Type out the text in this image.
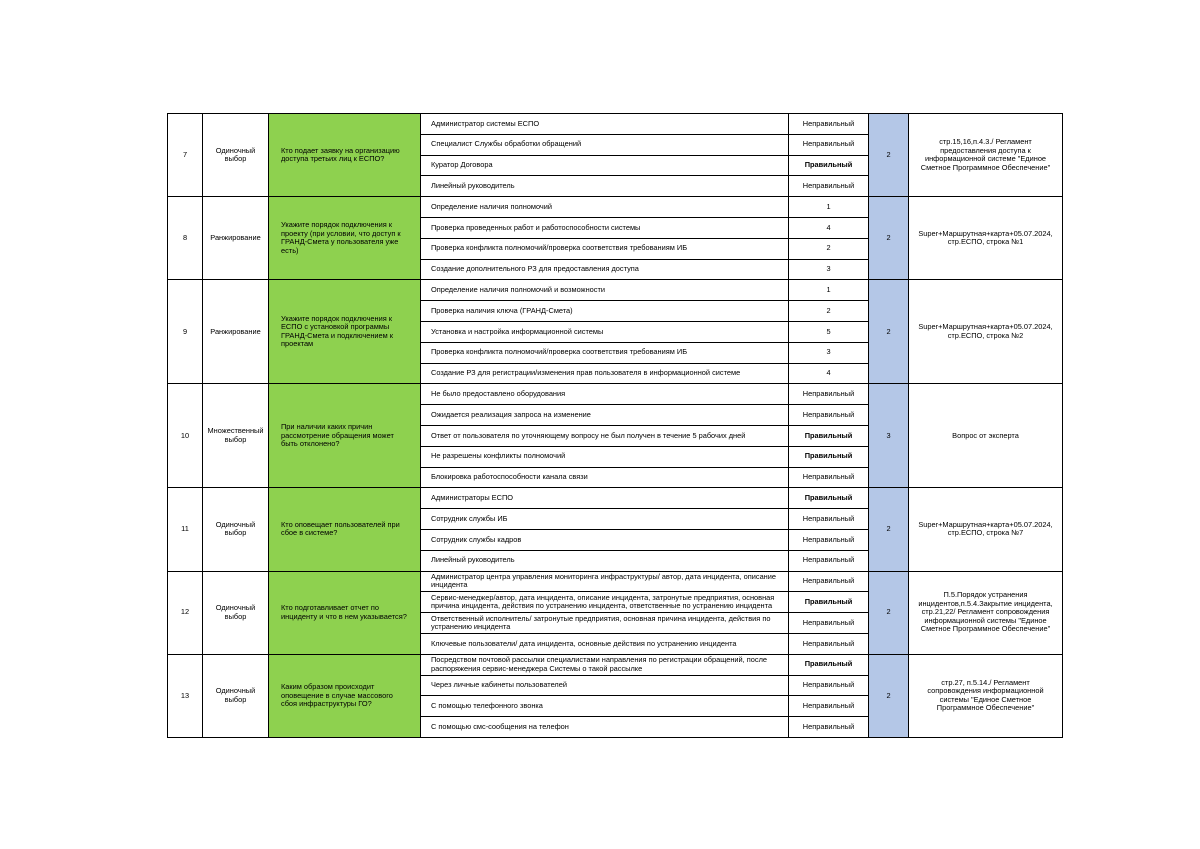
7	Одиночный выбор	Кто подает заявку на организацию доступа третьих лиц к ЕСПО?	Администратор системы ЕСПО	Неправильный	2	стр.15,16,п.4.3./ Регламент предоставления доступа к информационной системе "Единое Сметное Программное Обеспечение"
			Специалист Службы обработки обращений	Неправильный		
			Куратор Договора	Правильный		
			Линейный руководитель	Неправильный		
8	Ранжирование	Укажите порядок подключения к проекту (при условии, что доступ к ГРАНД-Смета у пользователя уже есть)	Определение наличия полномочий	1	2	Super+Маршрутная+карта+05.07.2024, стр.ЕСПО, строка №1
			Проверка проведенных работ и работоспособности системы	4		
			Проверка конфликта полномочий/проверка соответствия требованиям ИБ	2		
			Создание дополнительного РЗ для предоставления доступа	3		
9	Ранжирование	Укажите порядок подключения к ЕСПО с установкой программы ГРАНД-Смета и подключением к проектам	Определение наличия полномочий и возможности	1	2	Super+Маршрутная+карта+05.07.2024, стр.ЕСПО, строка №2
			Проверка наличия ключа (ГРАНД-Смета)	2		
			Установка и настройка информационной системы	5		
			Проверка конфликта полномочий/проверка соответствия требованиям ИБ	3		
			Создание РЗ для регистрации/изменения прав пользователя в информационной системе	4		
10	Множественный выбор	При наличии каких причин рассмотрение обращения может быть отклонено?	Не было предоставлено оборудования	Неправильный	3	Вопрос от эксперта
			Ожидается реализация запроса на изменение	Неправильный		
			Ответ от пользователя по уточняющему вопросу не был получен в течение 5 рабочих дней	Правильный		
			Не разрешены конфликты полномочий	Правильный		
			Блокировка работоспособности канала связи	Неправильный		
11	Одиночный выбор	Кто оповещает пользователей при сбое в системе?	Администраторы ЕСПО	Правильный	2	Super+Маршрутная+карта+05.07.2024, стр.ЕСПО, строка №7
			Сотрудник службы ИБ	Неправильный		
			Сотрудник службы кадров	Неправильный		
			Линейный руководитель	Неправильный		
12	Одиночный выбор	Кто подготавливает отчет по инциденту и что в нем указывается?	Администратор центра управления мониторинга инфраструктуры/ автор, дата инцидента, описание инцидента	Неправильный	2	П.5.Порядок устранения инцидентов,п.5.4.Закрытие инцидента, стр.21,22/ Регламент сопровождения информационной системы "Единое Сметное Программное Обеспечение"
			Сервис-менеджер/автор, дата инцидента, описание инцидента, затронутые предприятия, основная причина инцидента, действия по устранению инцидента, ответственные по устранению инцидента	Правильный		
			Ответственный исполнитель/ затронутые предприятия, основная причина инцидента, действия по устранению инцидента	Неправильный		
			Ключевые пользователи/ дата инцидента, основные действия по устранению инцидента	Неправильный		
13	Одиночный выбор	Каким образом происходит оповещение в случае массового сбоя инфраструктуры ГО?	Посредством почтовой рассылки специалистами направления по регистрации обращений, после распоряжения сервис-менеджера Системы о такой рассылке	Правильный	2	стр.27, п.5.14./ Регламент сопровождения информационной системы "Единое Сметное Программное Обеспечение"
			Через личные кабинеты пользователей	Неправильный		
			С помощью телефонного звонка	Неправильный		
			С помощью смс-сообщения на телефон	Неправильный		
